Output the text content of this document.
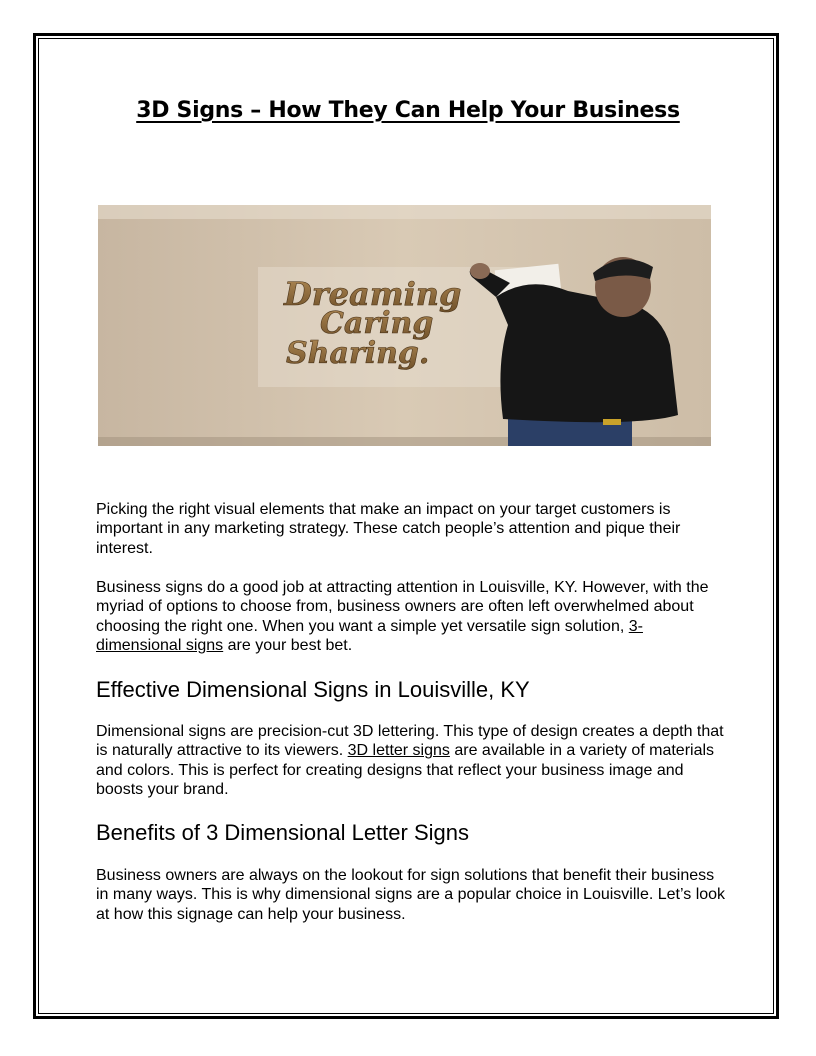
3D Signs – How They Can Help Your Business
Dreaming
Caring
Sharing.

Picking the right visual elements that make an impact on your target customers is important in any marketing strategy. These catch people’s attention and pique their interest.

Business signs do a good job at attracting attention in Louisville, KY. However, with the myriad of options to choose from, business owners are often left overwhelmed about choosing the right one. When you want a simple yet versatile sign solution, 3-dimensional signs are your best bet.

Effective Dimensional Signs in Louisville, KY

Dimensional signs are precision-cut 3D lettering. This type of design creates a depth that is naturally attractive to its viewers. 3D letter signs are available in a variety of materials and colors. This is perfect for creating designs that reflect your business image and boosts your brand.

Benefits of 3 Dimensional Letter Signs

Business owners are always on the lookout for sign solutions that benefit their business in many ways. This is why dimensional signs are a popular choice in Louisville. Let’s look at how this signage can help your business.
